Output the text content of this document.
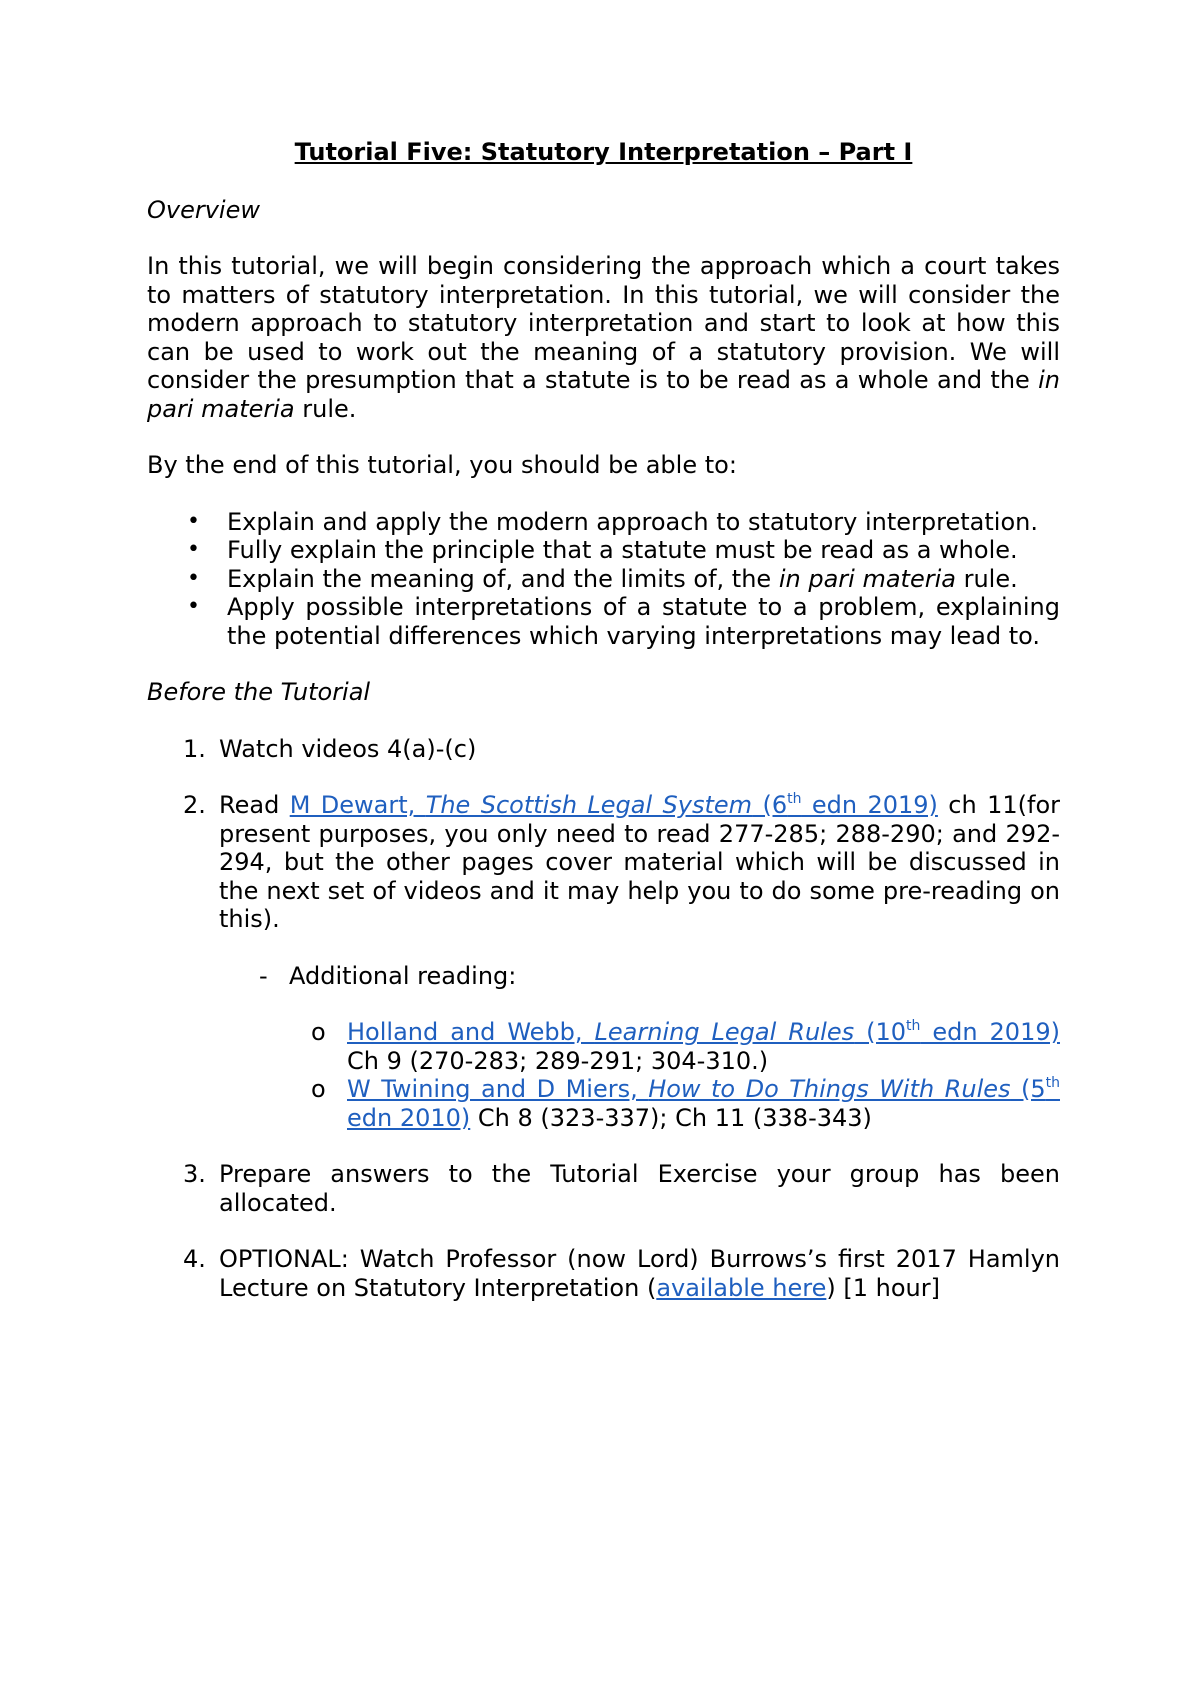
Tutorial Five: Statutory Interpretation – Part I

Overview

In this tutorial, we will begin considering the approach which a court takes to matters of statutory interpretation. In this tutorial, we will consider the modern approach to statutory interpretation and start to look at how this can be used to work out the meaning of a statutory provision. We will consider the presumption that a statute is to be read as a whole and the in pari materia rule.

By the end of this tutorial, you should be able to:

• Explain and apply the modern approach to statutory interpretation.
• Fully explain the principle that a statute must be read as a whole.
• Explain the meaning of, and the limits of, the in pari materia rule.
• Apply possible interpretations of a statute to a problem, explaining the potential differences which varying interpretations may lead to.

Before the Tutorial

1. Watch videos 4(a)-(c)
2. Read M Dewart, The Scottish Legal System (6th edn 2019) ch 11(for present purposes, you only need to read 277-285; 288-290; and 292-294, but the other pages cover material which will be discussed in the next set of videos and it may help you to do some pre-reading on this).
- Additional reading:
o Holland and Webb, Learning Legal Rules (10th edn 2019) Ch 9 (270-283; 289-291; 304-310.)
o W Twining and D Miers, How to Do Things With Rules (5th edn 2010) Ch 8 (323-337); Ch 11 (338-343)
3. Prepare answers to the Tutorial Exercise your group has been allocated.
4. OPTIONAL: Watch Professor (now Lord) Burrows’s first 2017 Hamlyn Lecture on Statutory Interpretation (available here) [1 hour]
